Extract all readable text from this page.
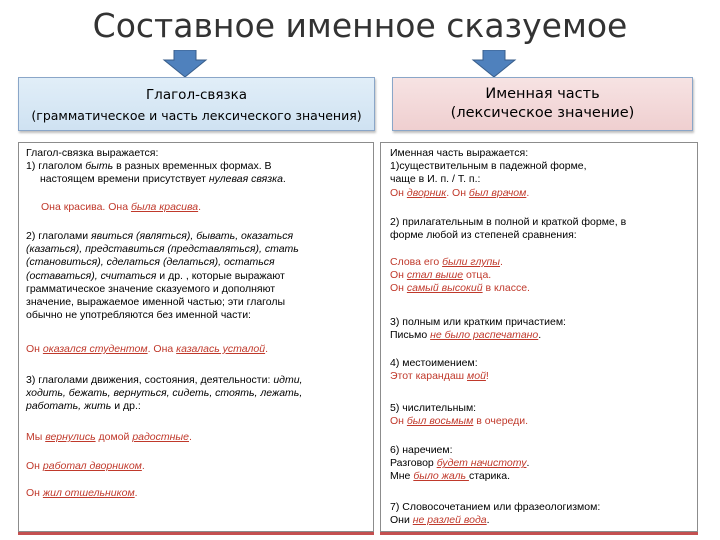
Составное именное сказуемое
Глагол-связка
(грамматическое и часть лексического значения)
Именная часть
(лексическое значение)
Глагол-связка выражается:
1) глаголом быть в разных временных формах. В
настоящем времени присутствует нулевая связка.
Она красива. Она была красива.
2) глаголами явиться (являться), бывать, оказаться
(казаться), представиться (представляться), стать
(становиться), сделаться (делаться), остаться
(оставаться), считаться и др. , которые выражают
грамматическое значение сказуемого и дополняют
значение, выражаемое именной частью; эти глаголы
обычно не употребляются без именной части:
Он оказался студентом. Она казалась усталой.
3) глаголами движения, состояния, деятельности: идти,
ходить, бежать, вернуться, сидеть, стоять, лежать,
работать, жить и др.:
Мы вернулись домой радостные.
Он работал дворником.
Он жил отшельником.
Именная часть выражается:
1)существительным в падежной форме,
чаще в И. п. / Т. п.:
Он дворник. Он был врачом.
2) прилагательным в полной и краткой форме, в
форме любой из степеней сравнения:
Слова его были глупы.
Он стал выше отца.
Он самый высокий в классе.
3) полным или кратким причастием:
Письмо не было распечатано.
4) местоимением:
Этот карандаш мой!
5) числительным:
Он был восьмым в очереди.
6) наречием:
Разговор будет начистоту.
Мне было жаль старика.
7) Словосочетанием или фразеологизмом:
Они не разлей вода.
